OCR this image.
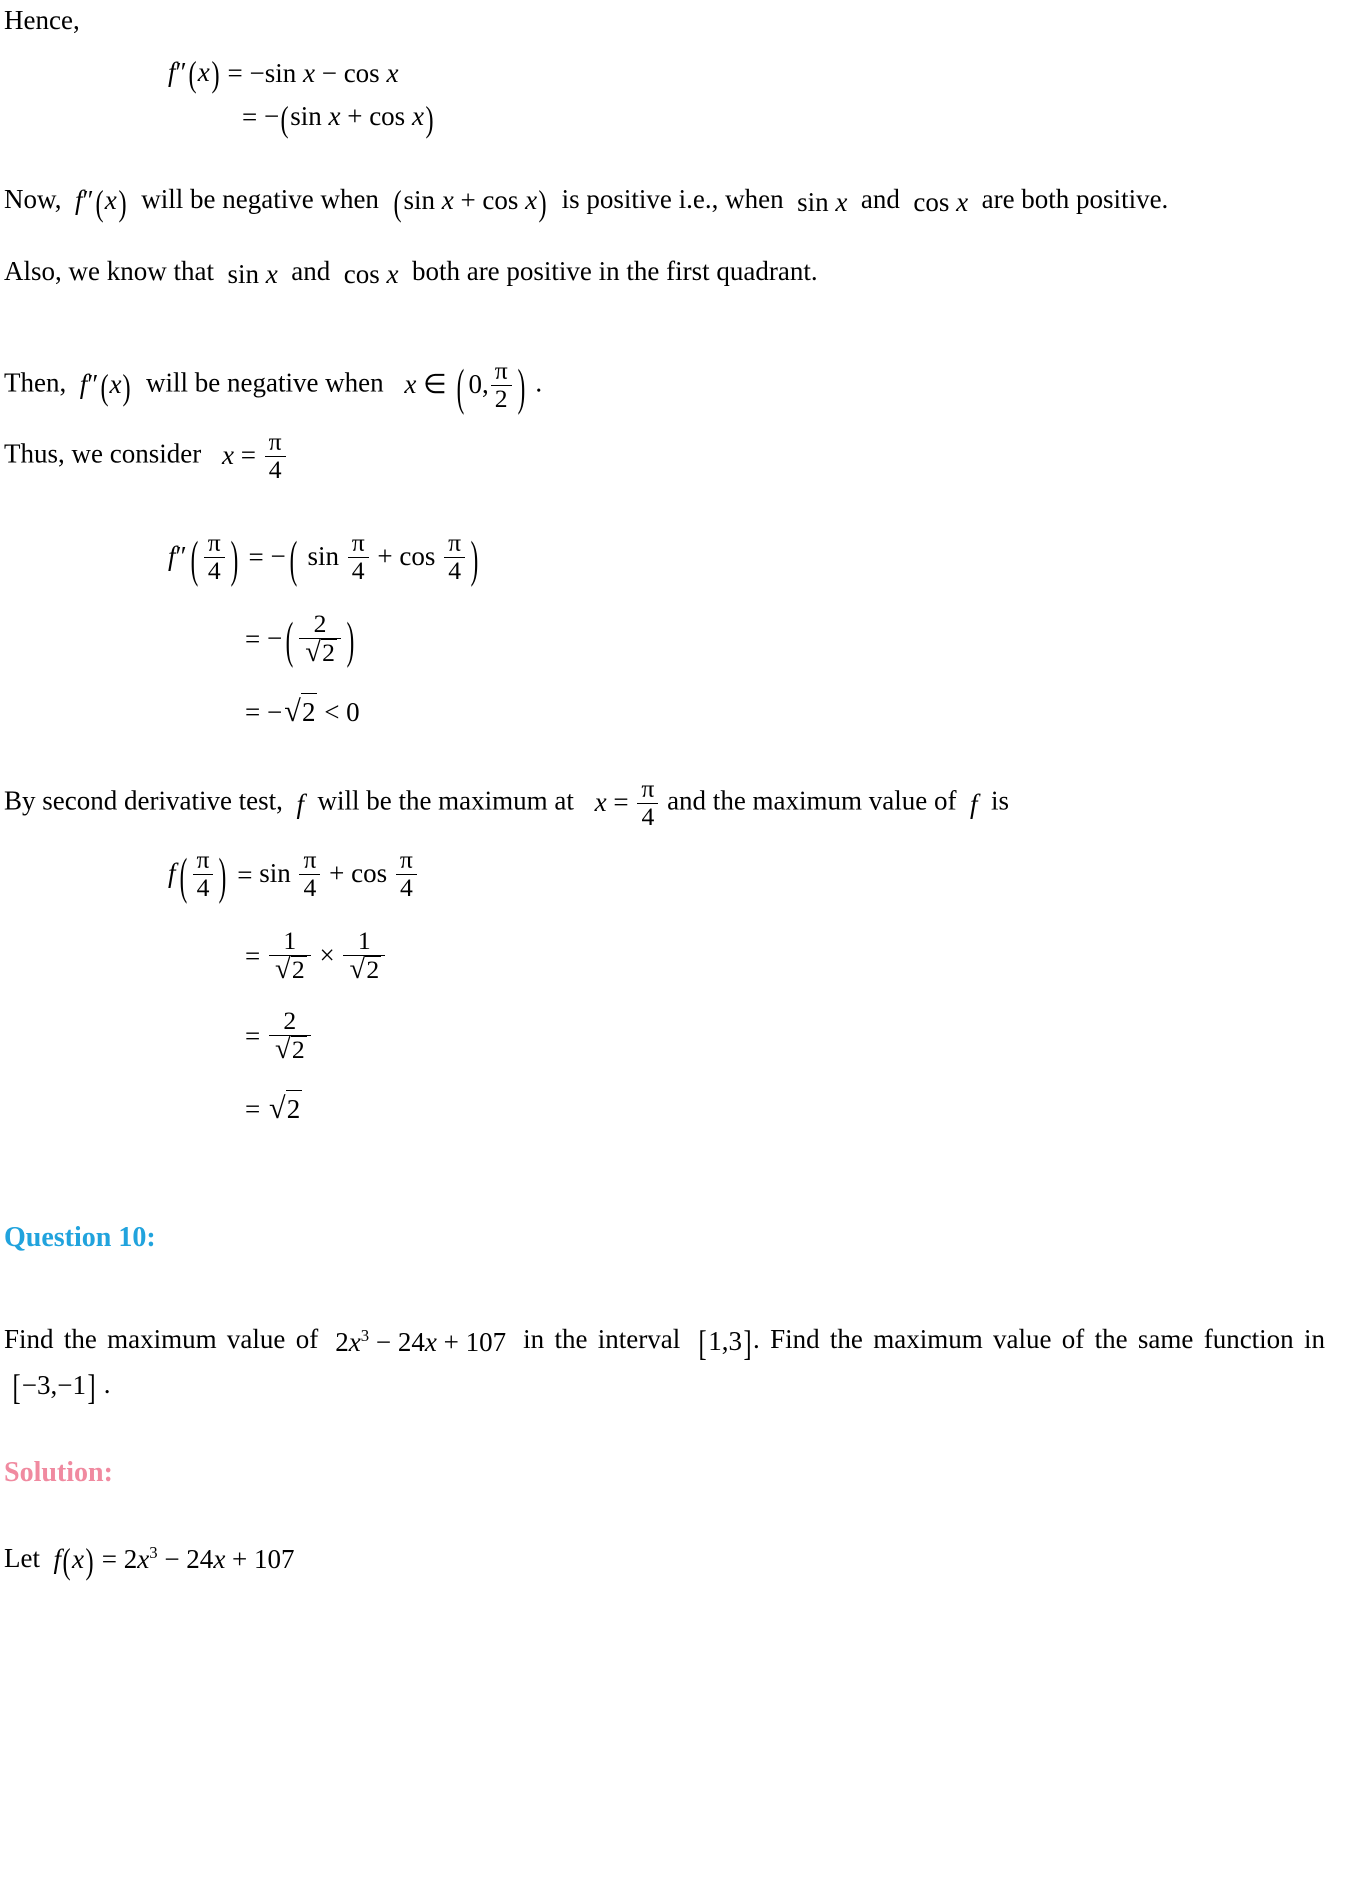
Hence,

f″(x) = −sin x − cos x
= −(sin x + cos x)

Now, f″(x) will be negative when (sin x + cos x) is positive i.e., when  sin x and  cos x are both positive.

Also, we know that  sin x and  cos x both are positive in the first quadrant.

Then, f″(x) will be negative when x ∈ ( 0, $\frac{\pi}{2}$ ) .

Thus, we consider $x = \frac{\pi}{4}$

f″ ( $\frac{\pi}{4}$ ) = − ( $\sin \frac{\pi}{4} + \cos \frac{\pi}{4}$ )
= − ( 2
√ 2 )
= − √ 2 < 0

By second derivative test,  f  will be the maximum at $x = \frac{\pi}{4}$ and the maximum value of  f  is

f ( $\frac{\pi}{4}$ ) = $\sin \frac{\pi}{4} + \cos \frac{\pi}{4}$
= 1
√ 2 × 1
√ 2
= 2
√ 2
= √ 2

Question 10:

Find the maximum value of  $2x^3 - 24x + 107$  in the interval [1,3]. Find the maximum value of the same function in  [−3,−1] .

Solution:

Let $f(x) = 2x^3 - 24x + 107$
